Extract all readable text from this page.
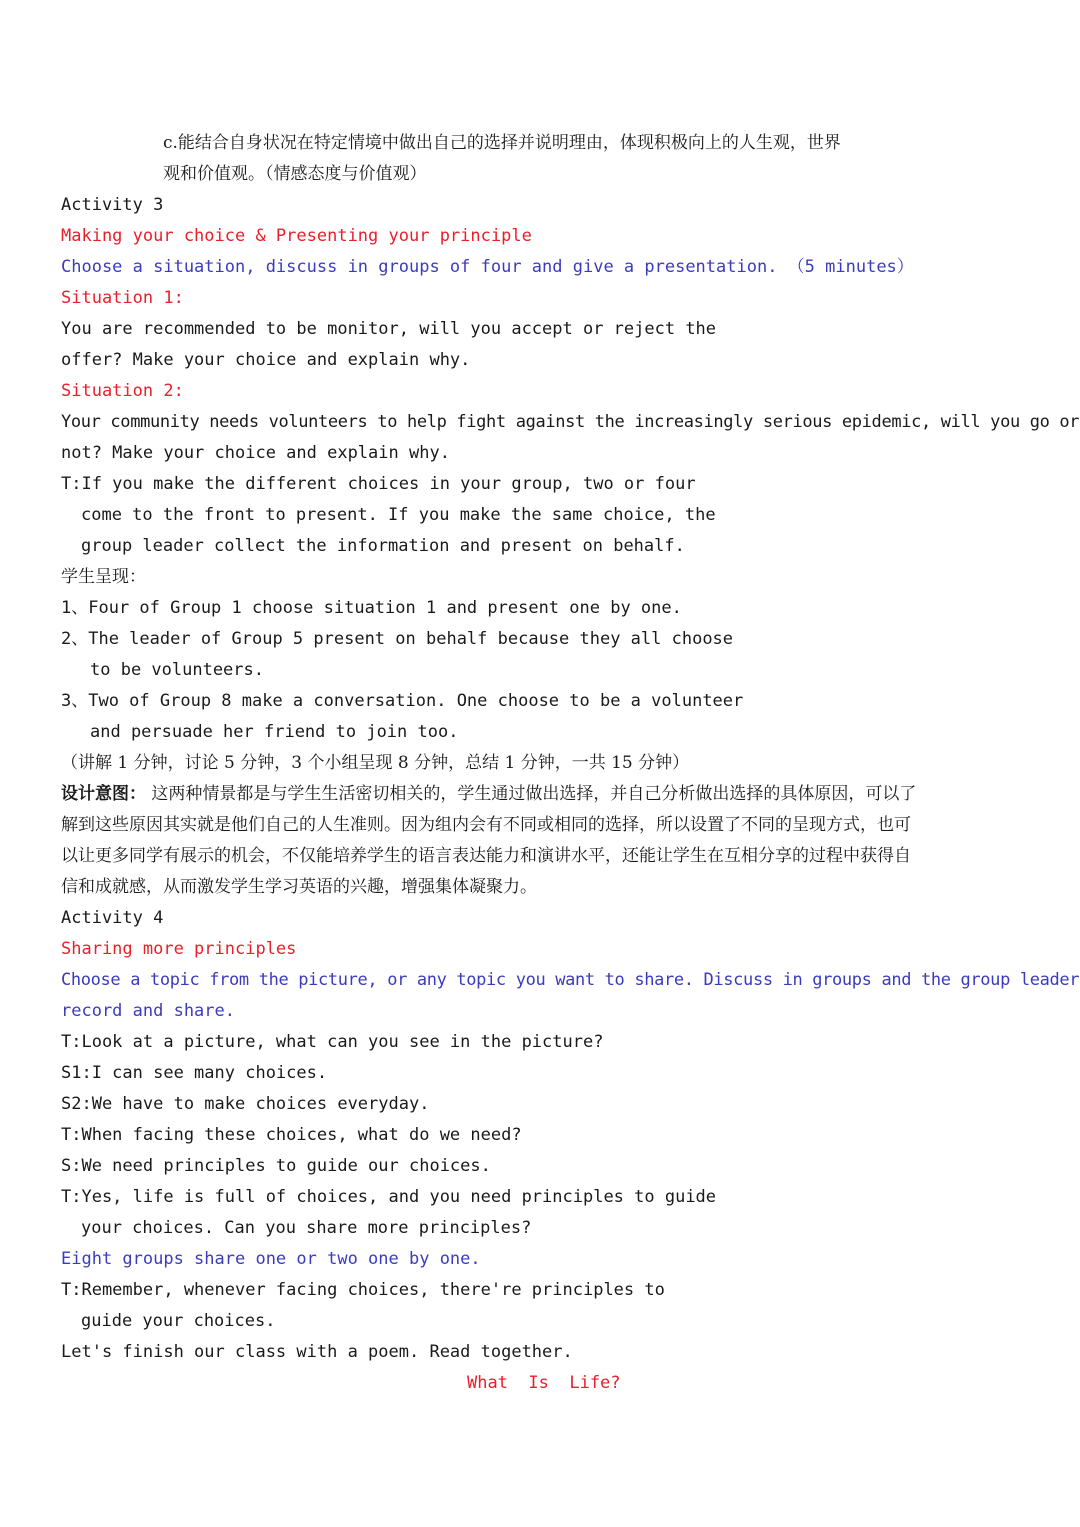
c.能结合自身状况在特定情境中做出自己的选择并说明理由，体现积极向上的人生观，世界
观和价值观。（情感态度与价值观）
Activity 3
Making your choice & Presenting your principle
Choose a situation, discuss in groups of four and give a presentation. （5 minutes）
Situation 1:
You are recommended to be monitor, will you accept or reject the
offer? Make your choice and explain why.
Situation 2:
Your community needs volunteers to help fight against the increasingly serious epidemic, will you go or
not? Make your choice and explain why.
T:If you make the different choices in your group, two or four
come to the front to present. If you make the same choice, the
group leader collect the information and present on behalf.
学生呈现：
1、Four of Group 1 choose situation 1 and present one by one.
2、The leader of Group 5 present on behalf because they all choose
to be volunteers.
3、Two of Group 8 make a conversation. One choose to be a volunteer
and persuade her friend to join too.
（讲解 1 分钟，讨论 5 分钟，3 个小组呈现 8 分钟，总结 1 分钟，一共 15 分钟）
设计意图： 这两种情景都是与学生生活密切相关的，学生通过做出选择，并自己分析做出选择的具体原因，可以了
解到这些原因其实就是他们自己的人生准则。因为组内会有不同或相同的选择，所以设置了不同的呈现方式，也可
以让更多同学有展示的机会，不仅能培养学生的语言表达能力和演讲水平，还能让学生在互相分享的过程中获得自
信和成就感，从而激发学生学习英语的兴趣，增强集体凝聚力。
Activity 4
Sharing more principles
Choose a topic from the picture, or any topic you want to share. Discuss in groups and the group leader
record and share.
T:Look at a picture, what can you see in the picture?
S1:I can see many choices.
S2:We have to make choices everyday.
T:When facing these choices, what do we need?
S:We need principles to guide our choices.
T:Yes, life is full of choices, and you need principles to guide
your choices. Can you share more principles?
Eight groups share one or two one by one.
T:Remember, whenever facing choices, there're principles to
guide your choices.
Let's finish our class with a poem. Read together.
What  Is  Life?
